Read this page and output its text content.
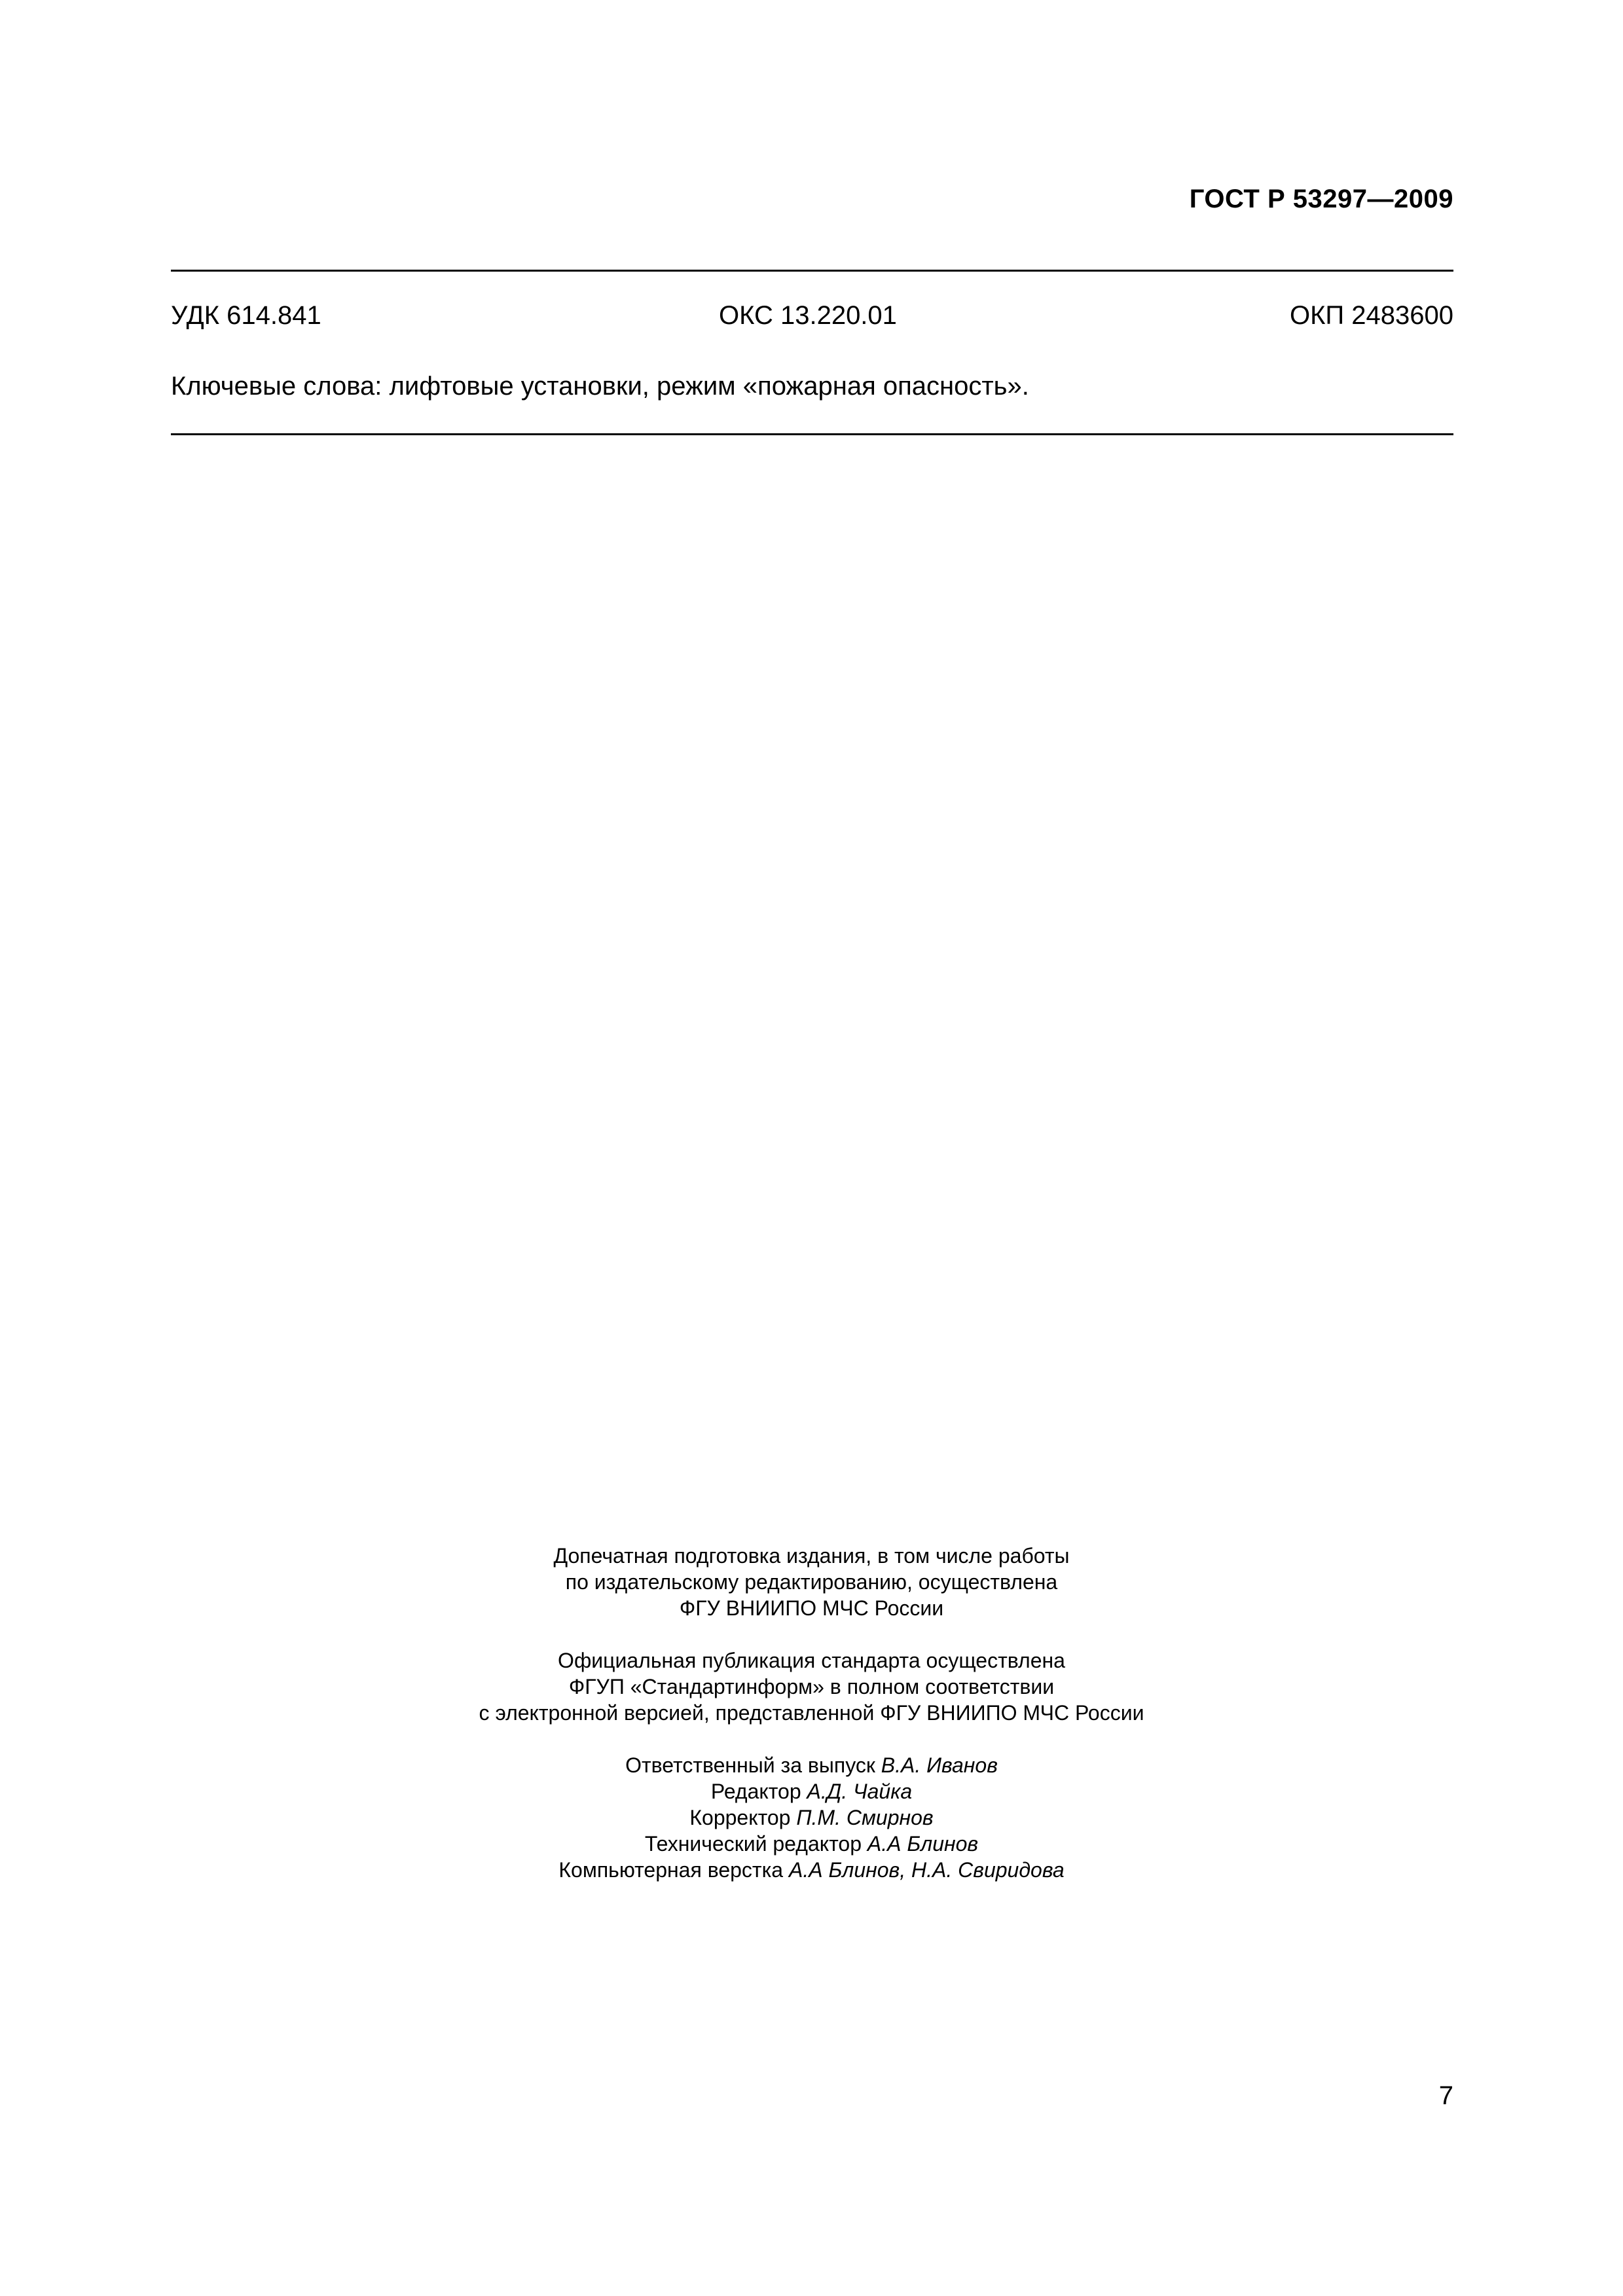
ГОСТ Р 53297—2009
УДК 614.841	ОКС 13.220.01	ОКП 2483600
Ключевые слова: лифтовые установки, режим «пожарная опасность».
Допечатная подготовка издания, в том числе работы
по издательскому редактированию, осуществлена
ФГУ ВНИИПО МЧС России
Официальная публикация стандарта осуществлена
ФГУП «Стандартинформ» в полном соответствии
с электронной версией, представленной ФГУ ВНИИПО МЧС России
Ответственный за выпуск В.А. Иванов
Редактор А.Д. Чайка
Корректор П.М. Смирнов
Технический редактор А.А Блинов
Компьютерная верстка А.А Блинов, Н.А. Свиридова
7
